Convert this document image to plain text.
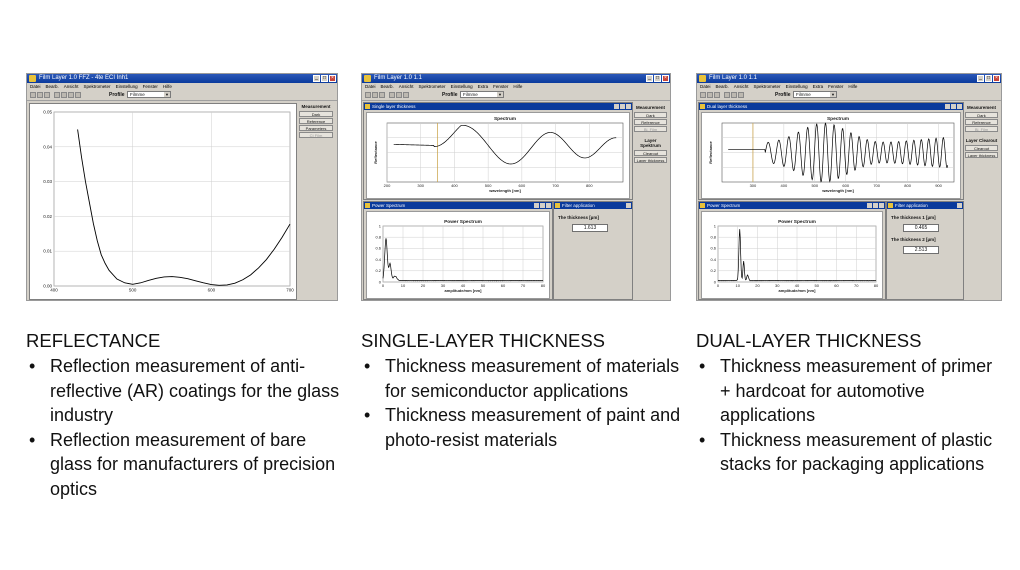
Film Layer 1.0 FFZ - 4te ECI Inh1	_	□	×
Datei Bearb. Ansicht Spektrometer Einstellung Fenster Hilfe
Profile	Filmme	▼
400	500	600	700
0.00
0.01
0.02
0.03
0.04
0.05
Measurement
Dark
Reference
Parameters
CI Film
Film Layer 1.0 1.1	_	□	×
Datei Bearb. Ansicht Spektrometer Einstellung Extra Fenster Hilfe
Profile	Filmme	▼
Single layer thickness
200	300	400	500	600	700	800
Spectrum
wavelength [nm]
Reflectance
Power Spectrum
0	10	20	30	40	50	60	70	80
0
0.2
0.4
0.6
0.8
1
Power Spectrum
amplitude/mm [nm]
Filter application
The thickness [µm]
1.613
Measurement
Dark
Reference
Bl. Film
Layer Spektrum
Clearout
Layer thickness
Film Layer 1.0 1.1	_	□	×
Datei Bearb. Ansicht Spektrometer Einstellung Extra Fenster Hilfe
Profile	Filmme	▼
Dual layer thickness
300	400	500	600	700	800	900
Spectrum
wavelength [nm]
Reflectance
Power Spectrum
0	10	20	30	40	50	60	70	80
0
0.2
0.4
0.6
0.8
1
Power Spectrum
amplitude/mm [nm]
Filter application
The thickness 1 [µm]
0.465
The thickness 2 [µm]
2.513
Measurement
Dark
Reference
Bl. Film
Layer Clearout
Clearout
Layer thickness
REFLECTANCE
• Reflection measurement of anti-reflective (AR) coatings for the glass industry
• Reflection measurement of bare glass for manufacturers of precision optics
SINGLE-LAYER THICKNESS
• Thickness measurement of materials for semiconductor applications
• Thickness measurement of paint and photo-resist materials
DUAL-LAYER THICKNESS
• Thickness measurement of primer + hardcoat for automotive applications
• Thickness measurement of plastic stacks for packaging applications
